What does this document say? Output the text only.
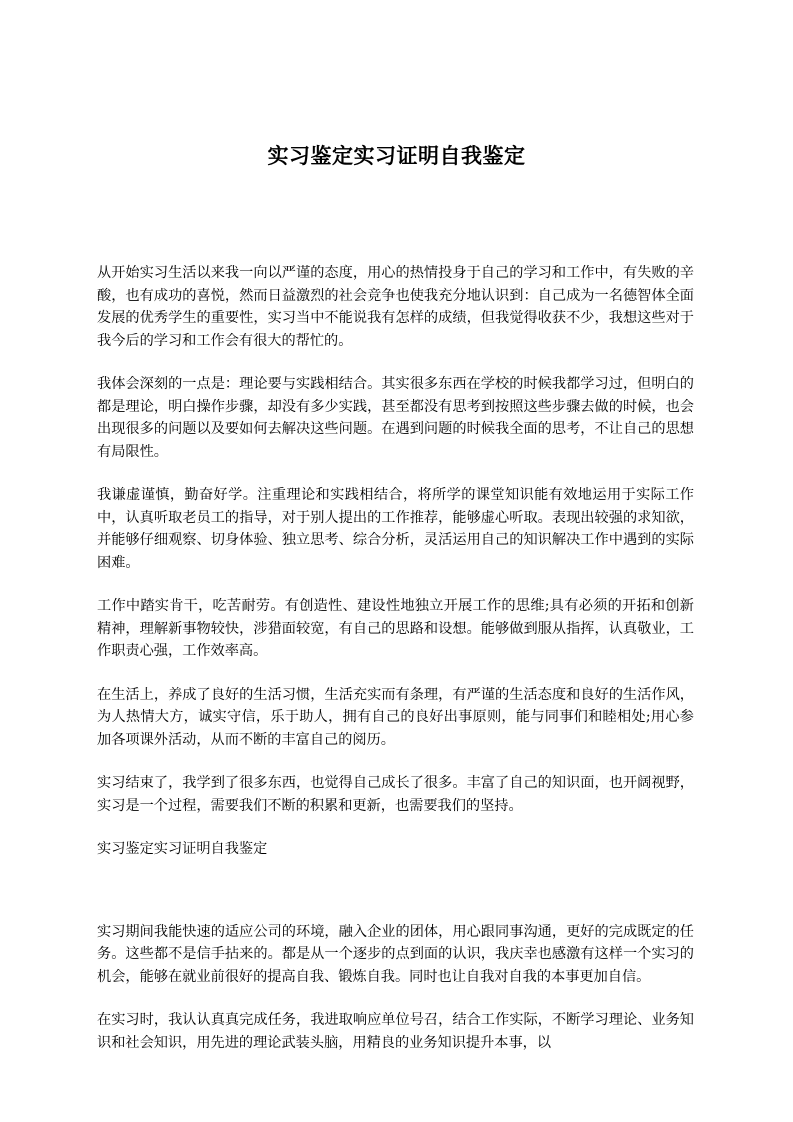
实习鉴定实习证明自我鉴定

从开始实习生活以来我一向以严谨的态度，用心的热情投身于自己的学习和工作中，有失败的辛酸，也有成功的喜悦，然而日益激烈的社会竞争也使我充分地认识到：自己成为一名德智体全面发展的优秀学生的重要性，实习当中不能说我有怎样的成绩，但我觉得收获不少，我想这些对于我今后的学习和工作会有很大的帮忙的。

我体会深刻的一点是：理论要与实践相结合。其实很多东西在学校的时候我都学习过，但明白的都是理论，明白操作步骤，却没有多少实践，甚至都没有思考到按照这些步骤去做的时候，也会出现很多的问题以及要如何去解决这些问题。在遇到问题的时候我全面的思考，不让自己的思想有局限性。

我谦虚谨慎，勤奋好学。注重理论和实践相结合，将所学的课堂知识能有效地运用于实际工作中，认真听取老员工的指导，对于别人提出的工作推荐，能够虚心听取。表现出较强的求知欲，并能够仔细观察、切身体验、独立思考、综合分析，灵活运用自己的知识解决工作中遇到的实际困难。

工作中踏实肯干，吃苦耐劳。有创造性、建设性地独立开展工作的思维;具有必须的开拓和创新精神，理解新事物较快，涉猎面较宽，有自己的思路和设想。能够做到服从指挥，认真敬业，工作职责心强，工作效率高。

在生活上，养成了良好的生活习惯，生活充实而有条理，有严谨的生活态度和良好的生活作风，为人热情大方，诚实守信，乐于助人，拥有自己的良好出事原则，能与同事们和睦相处;用心参加各项课外活动，从而不断的丰富自己的阅历。

实习结束了，我学到了很多东西，也觉得自己成长了很多。丰富了自己的知识面，也开阔视野，实习是一个过程，需要我们不断的积累和更新，也需要我们的坚持。

实习鉴定实习证明自我鉴定

实习期间我能快速的适应公司的环境，融入企业的团体，用心跟同事沟通，更好的完成既定的任务。这些都不是信手拈来的。都是从一个逐步的点到面的认识，我庆幸也感激有这样一个实习的机会，能够在就业前很好的提高自我、锻炼自我。同时也让自我对自我的本事更加自信。

在实习时，我认认真真完成任务，我进取响应单位号召，结合工作实际，不断学习理论、业务知识和社会知识，用先进的理论武装头脑，用精良的业务知识提升本事，以
